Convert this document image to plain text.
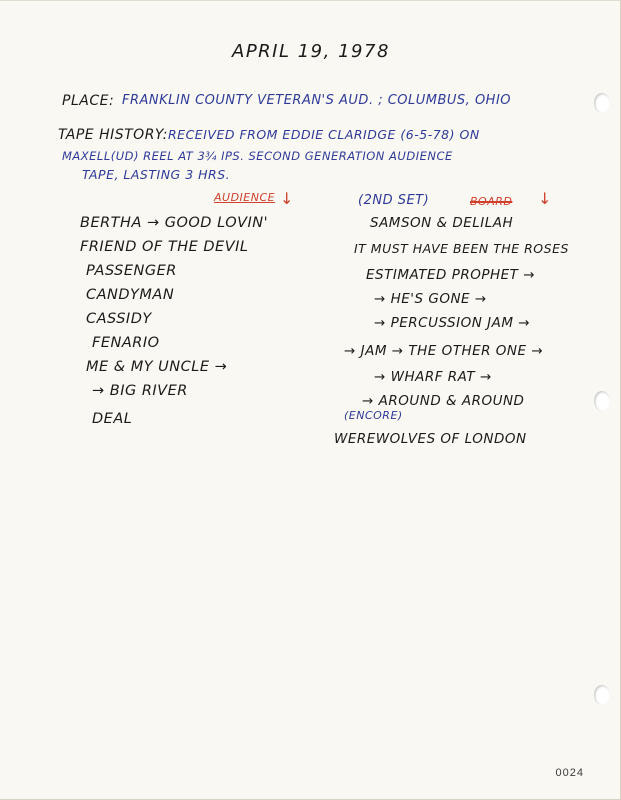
APRIL 19, 1978

PLACE: FRANKLIN COUNTY VETERAN'S AUD. ; COLUMBUS, OHIO

TAPE HISTORY: RECEIVED FROM EDDIE CLARIDGE (6-5-78) ON

MAXELL(UD) REEL AT 3¾ IPS. SECOND GENERATION AUDIENCE

TAPE, LASTING 3 HRS.

AUDIENCE ↓

BERTHA → GOOD LOVIN'

FRIEND OF THE DEVIL

PASSENGER

CANDYMAN

CASSIDY

FENARIO

ME & MY UNCLE →

→ BIG RIVER

DEAL

(2ND SET)	BOARD ↓

SAMSON & DELILAH

IT MUST HAVE BEEN THE ROSES

ESTIMATED PROPHET →

→ HE'S GONE →

→ PERCUSSION JAM →

→ JAM → THE OTHER ONE →

→ WHARF RAT →

→ AROUND & AROUND

(ENCORE)

WEREWOLVES OF LONDON

0024
